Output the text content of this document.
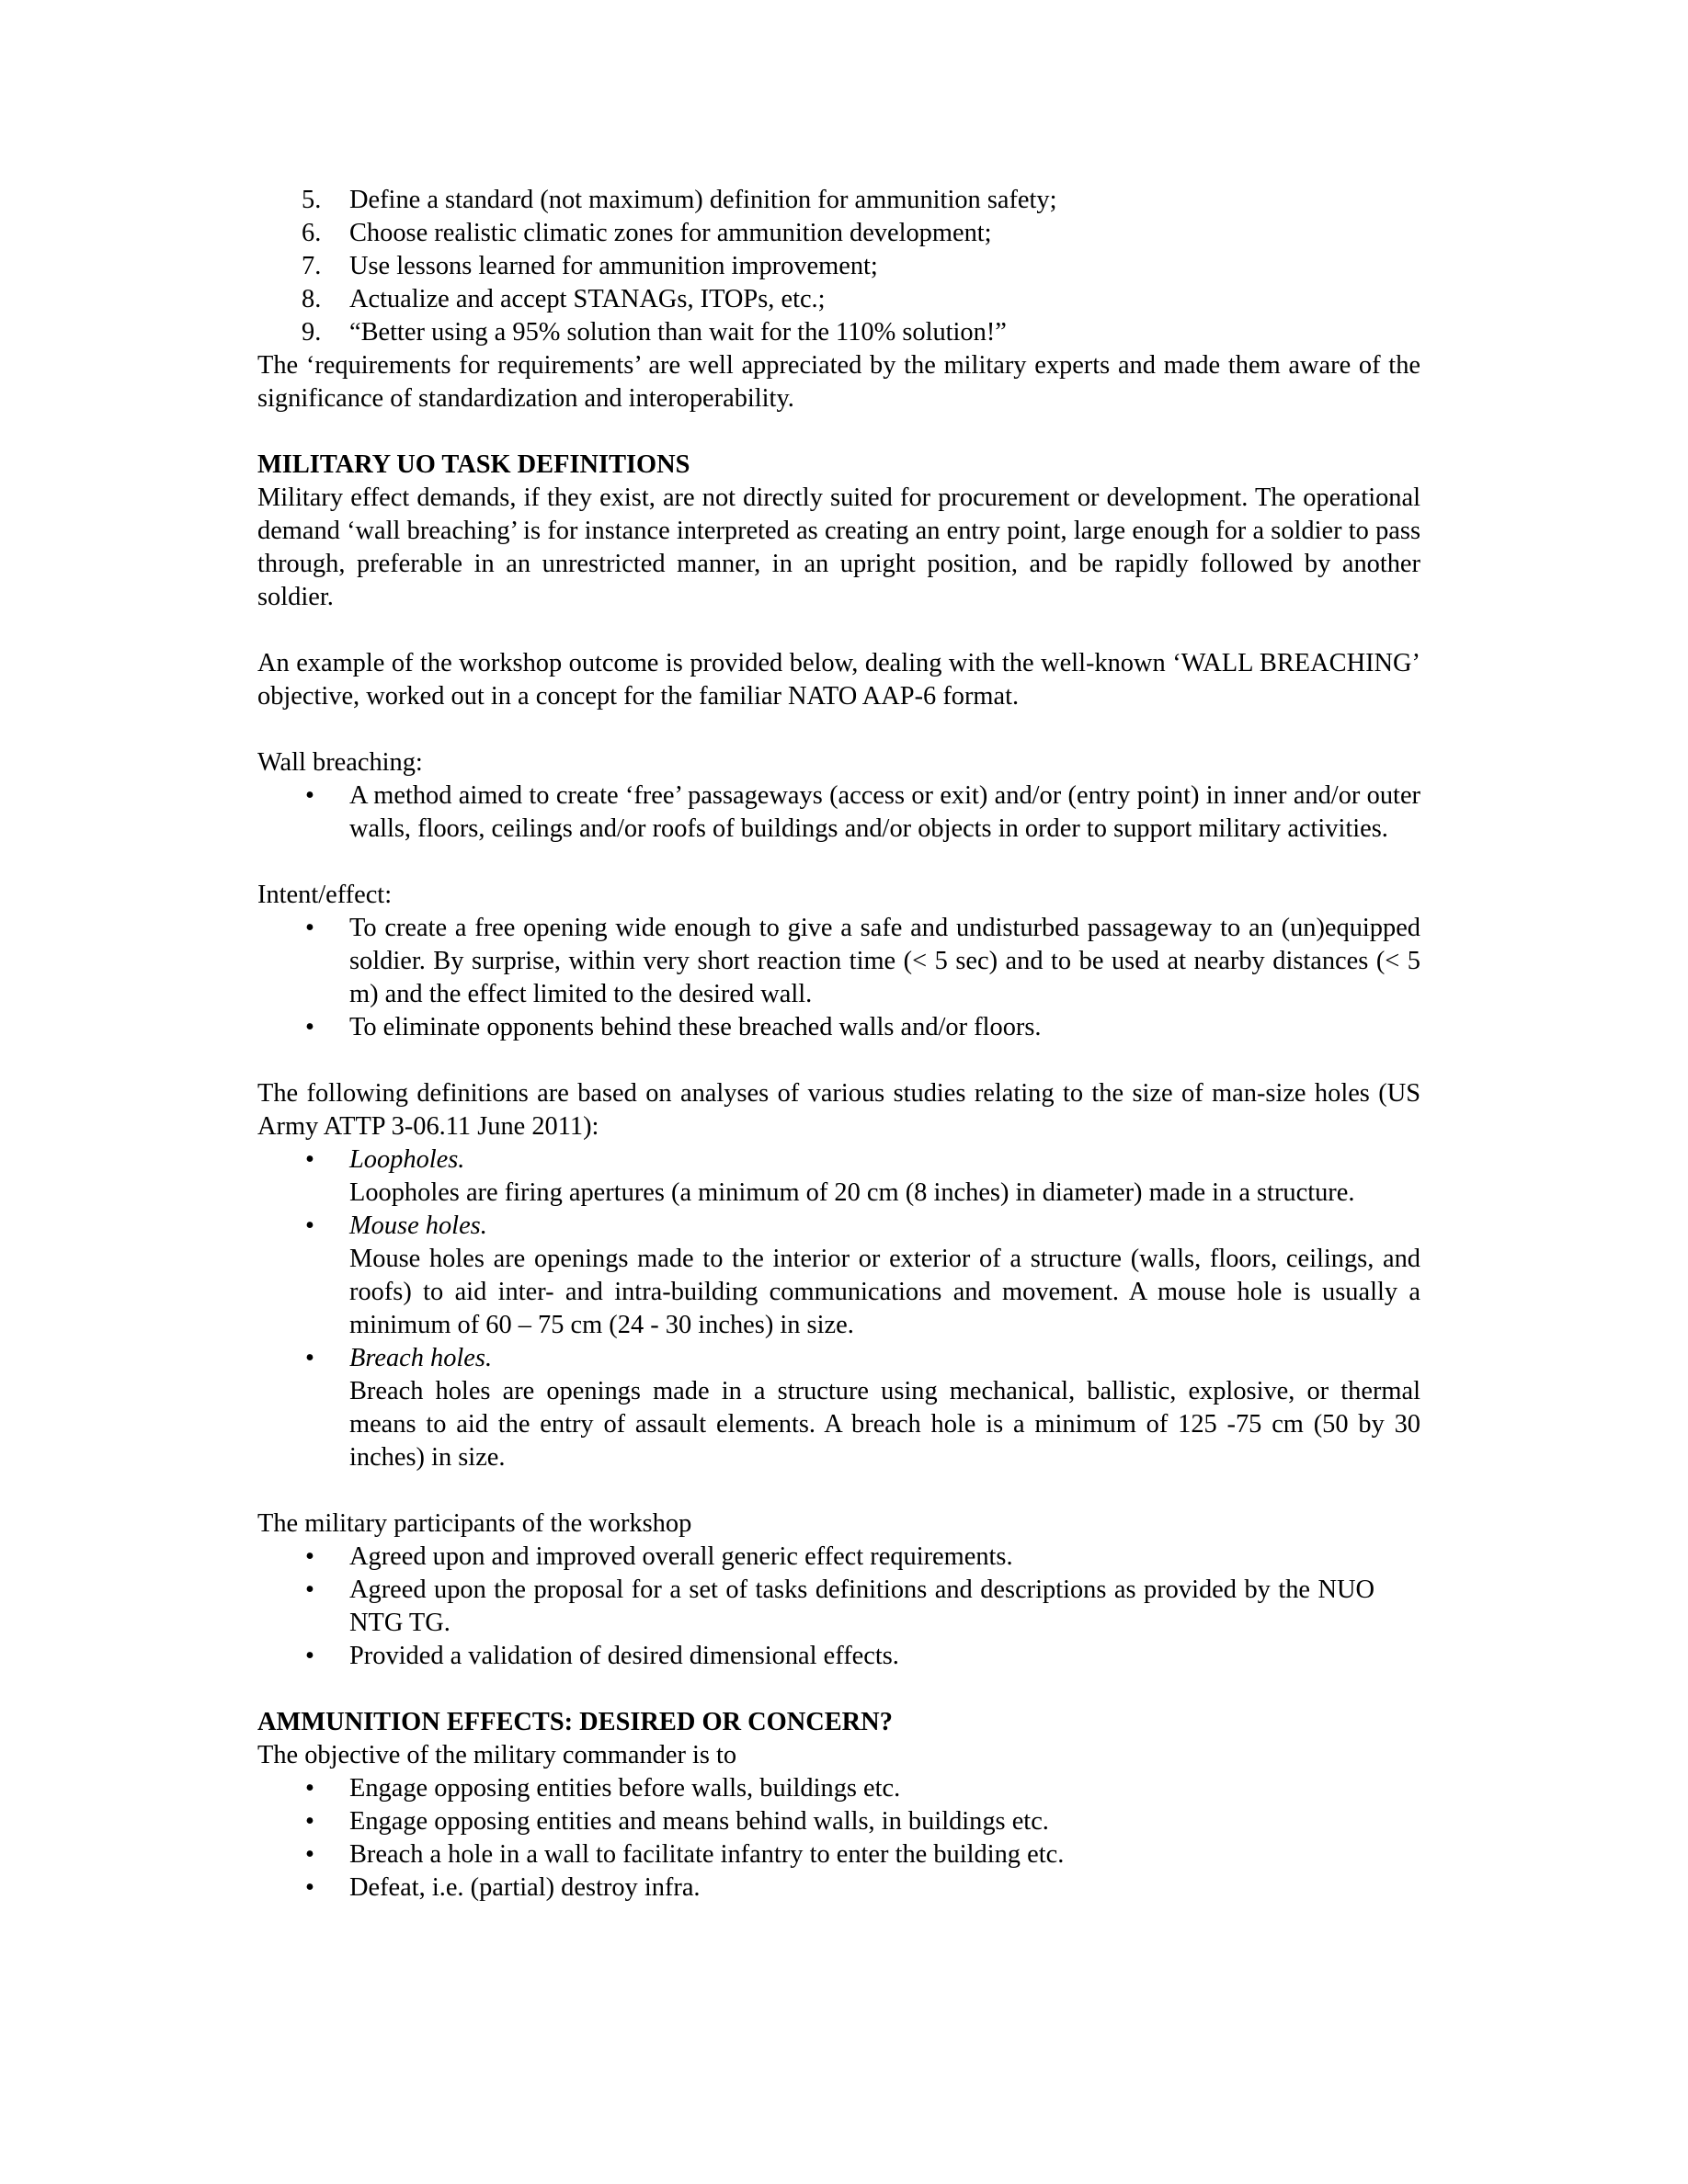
5.	Define a standard (not maximum) definition for ammunition safety;
6.	Choose realistic climatic zones for ammunition development;
7.	Use lessons learned for ammunition improvement;
8.	Actualize and accept STANAGs, ITOPs, etc.;
9.	“Better using a 95% solution than wait for the 110% solution!”

The ‘requirements for requirements’ are well appreciated by the military experts and made them aware of the significance of standardization and interoperability.

MILITARY UO TASK DEFINITIONS

Military effect demands, if they exist, are not directly suited for procurement or development. The operational demand ‘wall breaching’ is for instance interpreted as creating an entry point, large enough for a soldier to pass through, preferable in an unrestricted manner, in an upright position, and be rapidly followed by another soldier.

An example of the workshop outcome is provided below, dealing with the well-known ‘WALL BREACHING’ objective, worked out in a concept for the familiar NATO AAP-6 format.

Wall breaching:

• A method aimed to create ‘free’ passageways (access or exit) and/or (entry point) in inner and/or outer walls, floors, ceilings and/or roofs of buildings and/or objects in order to support military activities.

Intent/effect:

• To create a free opening wide enough to give a safe and undisturbed passageway to an (un)equipped soldier. By surprise, within very short reaction time (< 5 sec) and to be used at nearby distances (< 5 m) and the effect limited to the desired wall.
• To eliminate opponents behind these breached walls and/or floors.

The following definitions are based on analyses of various studies relating to the size of man-size holes (US Army ATTP 3-06.11 June 2011):

• Loopholes.
Loopholes are firing apertures (a minimum of 20 cm (8 inches) in diameter) made in a structure.
• Mouse holes.
Mouse holes are openings made to the interior or exterior of a structure (walls, floors, ceilings, and roofs) to aid inter- and intra-building communications and movement. A mouse hole is usually a minimum of 60 – 75 cm (24 - 30 inches) in size.
• Breach holes.
Breach holes are openings made in a structure using mechanical, ballistic, explosive, or thermal means to aid the entry of assault elements. A breach hole is a minimum of 125 -75 cm (50 by 30 inches) in size.

The military participants of the workshop

• Agreed upon and improved overall generic effect requirements.
• Agreed upon the proposal for a set of tasks definitions and descriptions as provided by the NUO NTG TG.
• Provided a validation of desired dimensional effects.
AMMUNITION EFFECTS: DESIRED OR CONCERN?

The objective of the military commander is to

• Engage opposing entities before walls, buildings etc.
• Engage opposing entities and means behind walls, in buildings etc.
• Breach a hole in a wall to facilitate infantry to enter the building etc.
• Defeat, i.e. (partial) destroy infra.
